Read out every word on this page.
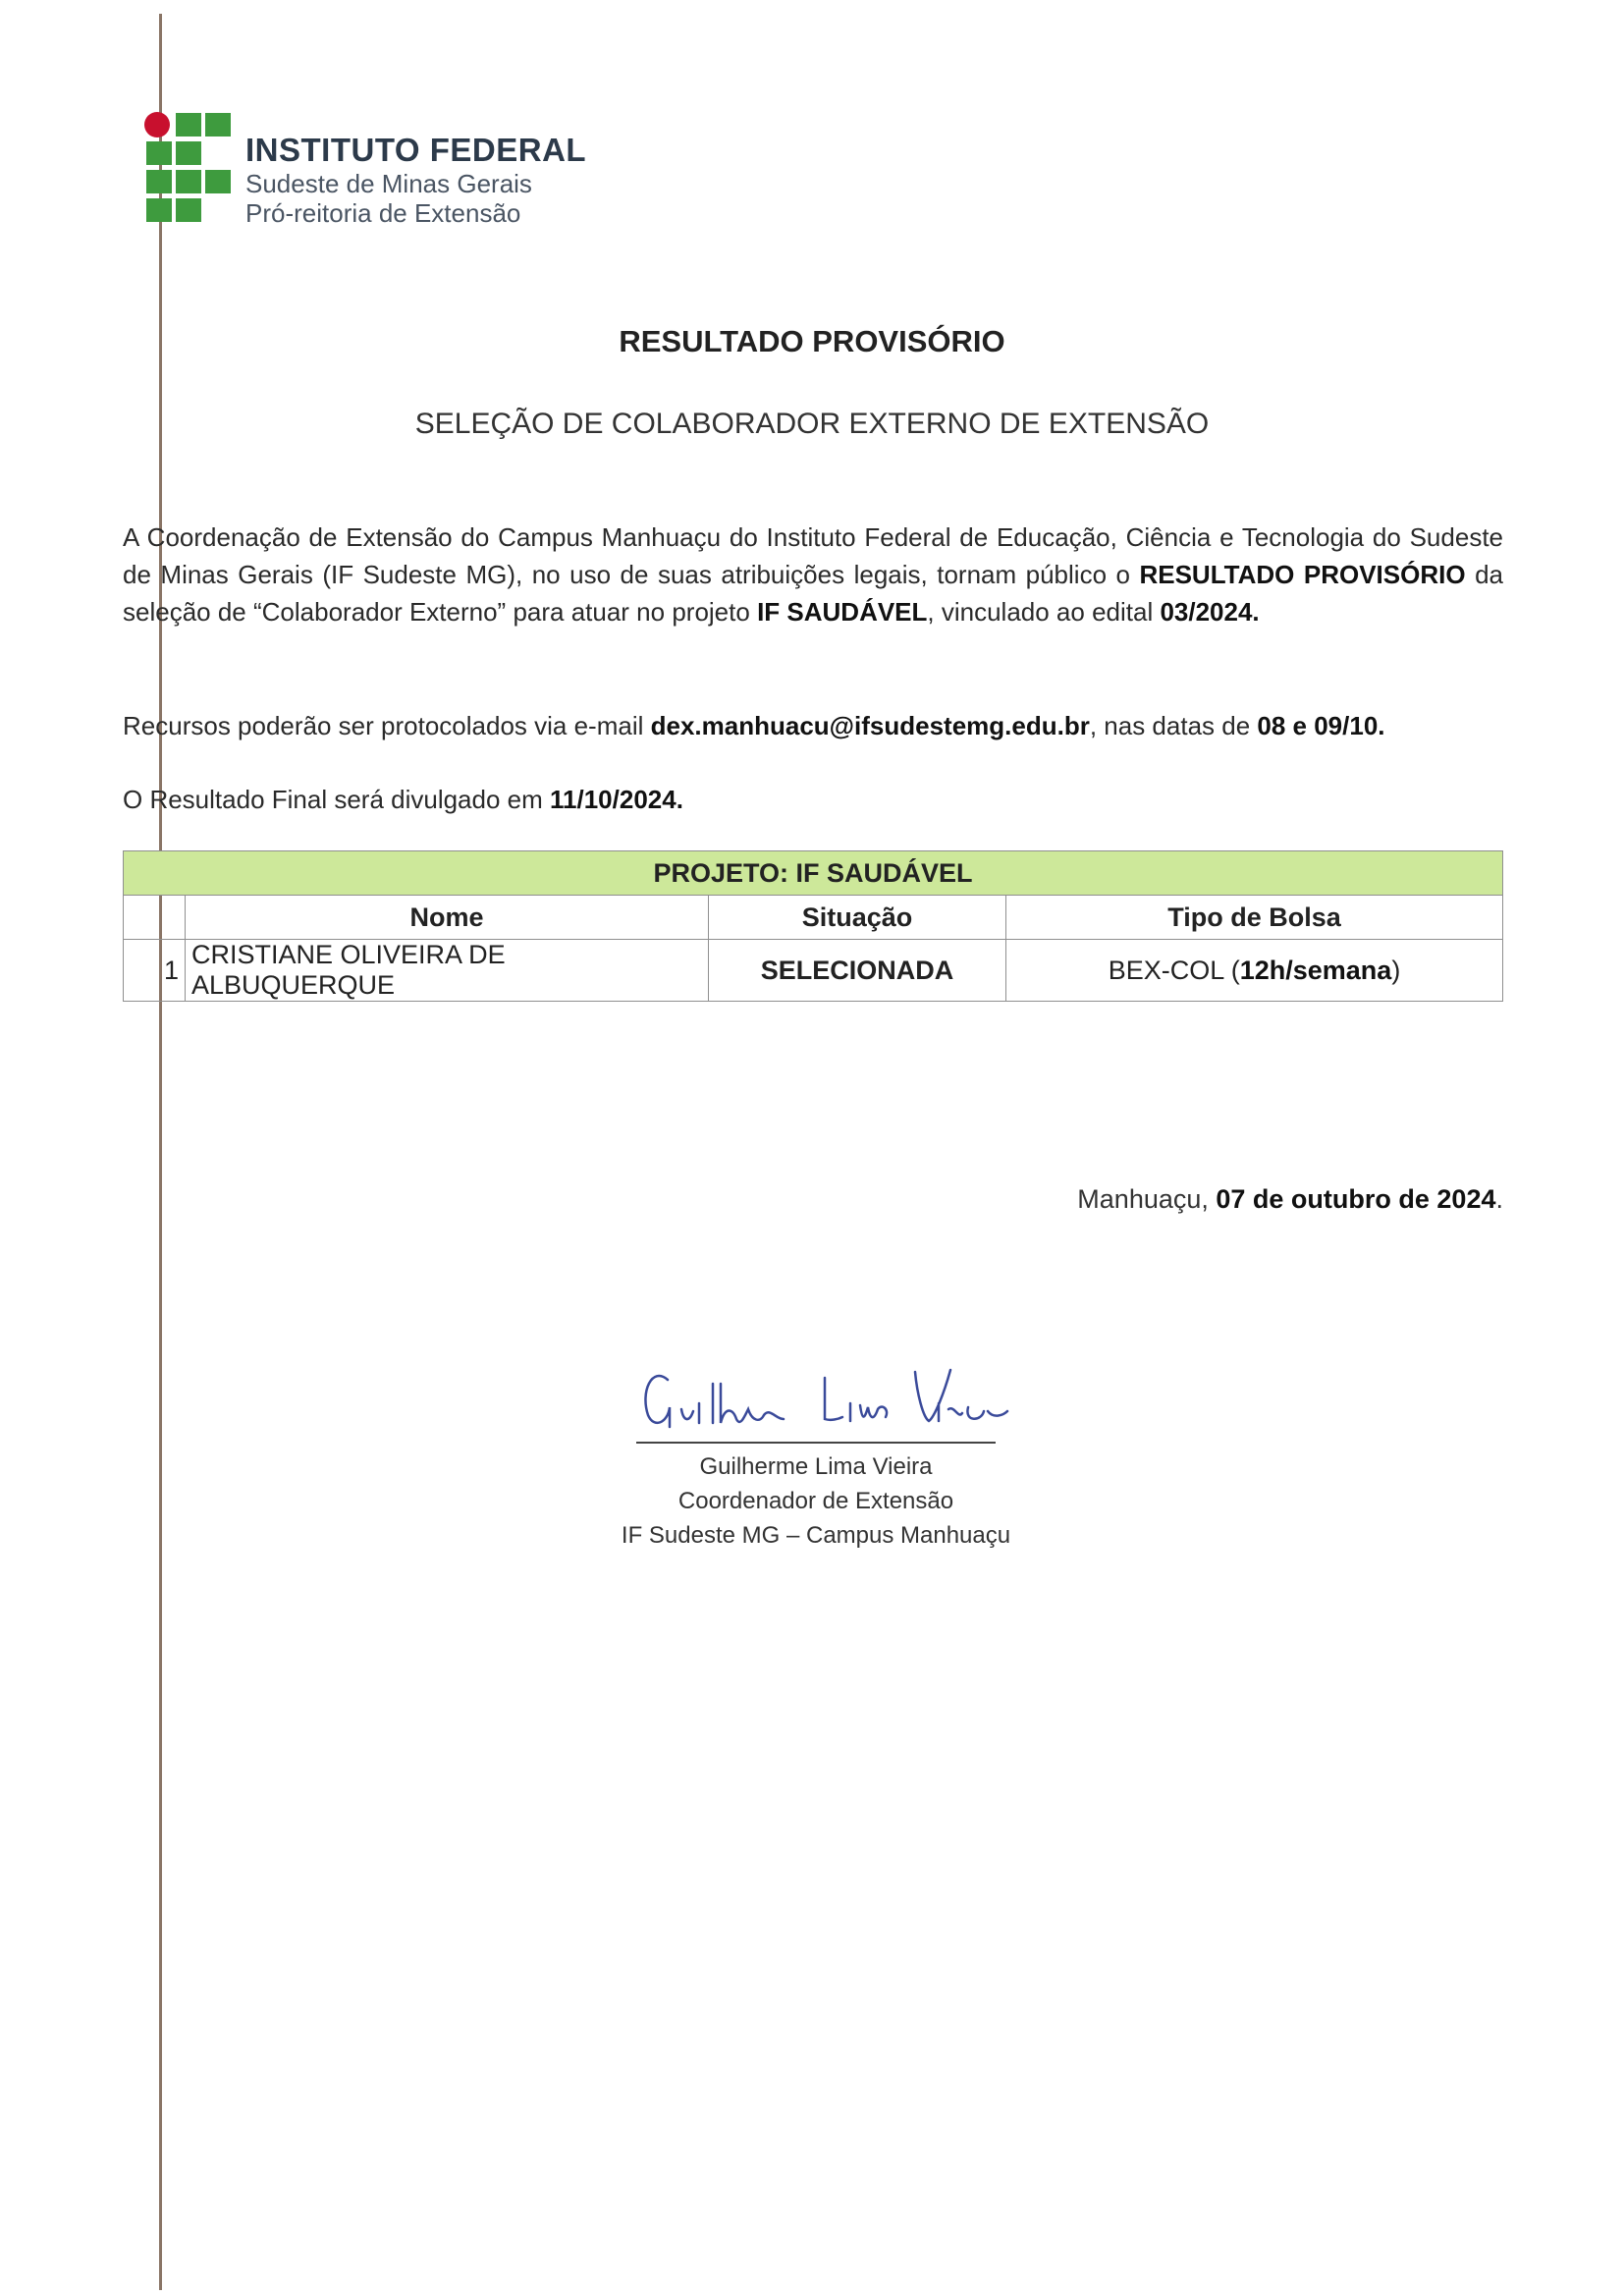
INSTITUTO FEDERAL
Sudeste de Minas Gerais
Pró-reitoria de Extensão
RESULTADO PROVISÓRIO
SELEÇÃO DE COLABORADOR EXTERNO DE EXTENSÃO
A Coordenação de Extensão do Campus Manhuaçu do Instituto Federal de Educação, Ciência e Tecnologia do Sudeste de Minas Gerais (IF Sudeste MG), no uso de suas atribuições legais, tornam público o RESULTADO PROVISÓRIO da seleção de “Colaborador Externo” para atuar no projeto IF SAUDÁVEL, vinculado ao edital 03/2024.
Recursos poderão ser protocolados via e-mail dex.manhuacu@ifsudestemg.edu.br, nas datas de 08 e 09/10.
O Resultado Final será divulgado em 11/10/2024.
PROJETO: IF SAUDÁVEL			
	Nome	Situação	Tipo de Bolsa
1	CRISTIANE OLIVEIRA DE ALBUQUERQUE	SELECIONADA	BEX-COL (12h/semana)
Manhuaçu, 07 de outubro de 2024.
Guilherme Lima Vieira
Coordenador de Extensão
IF Sudeste MG – Campus Manhuaçu
